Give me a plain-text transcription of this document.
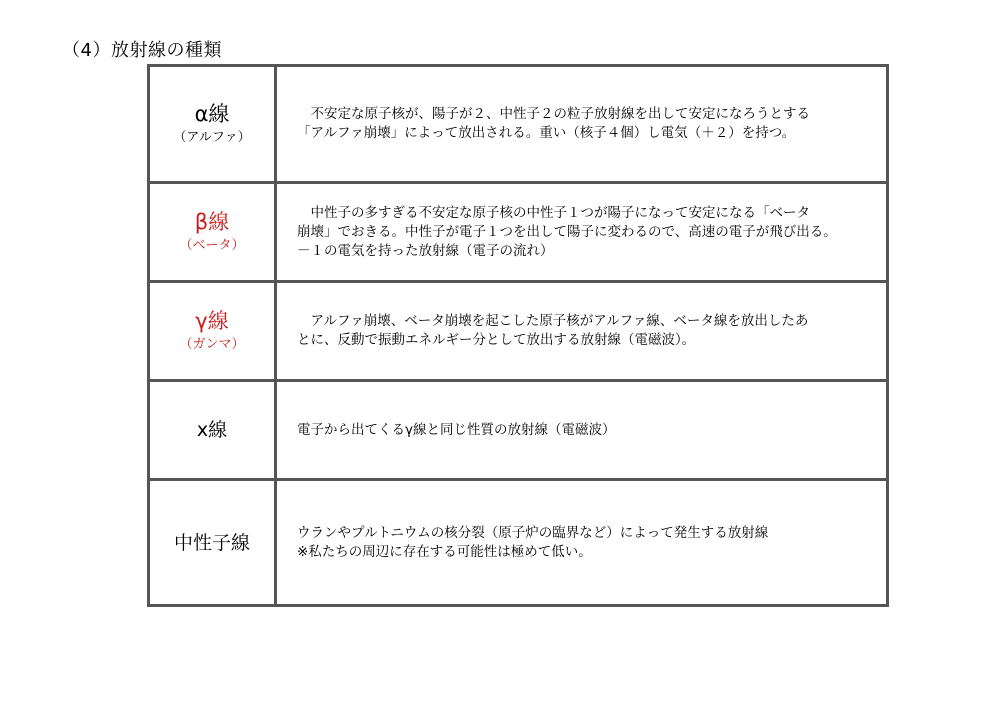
（4）放射線の種類
α線
（アルファ）	　不安定な原子核が、陽子が２、中性子２の粒子放射線を出して安定になろうとする
「アルファ崩壊」によって放出される。重い（核子４個）し電気（＋２）を持つ。

β線
（ベータ）	　中性子の多すぎる不安定な原子核の中性子１つが陽子になって安定になる「ベータ
崩壊」でおきる。中性子が電子１つを出して陽子に変わるので、高速の電子が飛び出る。
－１の電気を持った放射線（電子の流れ）

γ線
（ガンマ）	　アルファ崩壊、ベータ崩壊を起こした原子核がアルファ線、ベータ線を放出したあ
とに、反動で振動エネルギー分として放出する放射線（電磁波）。

x線	電子から出てくるγ線と同じ性質の放射線（電磁波）

中性子線	ウランやプルトニウムの核分裂（原子炉の臨界など）によって発生する放射線
※私たちの周辺に存在する可能性は極めて低い。
